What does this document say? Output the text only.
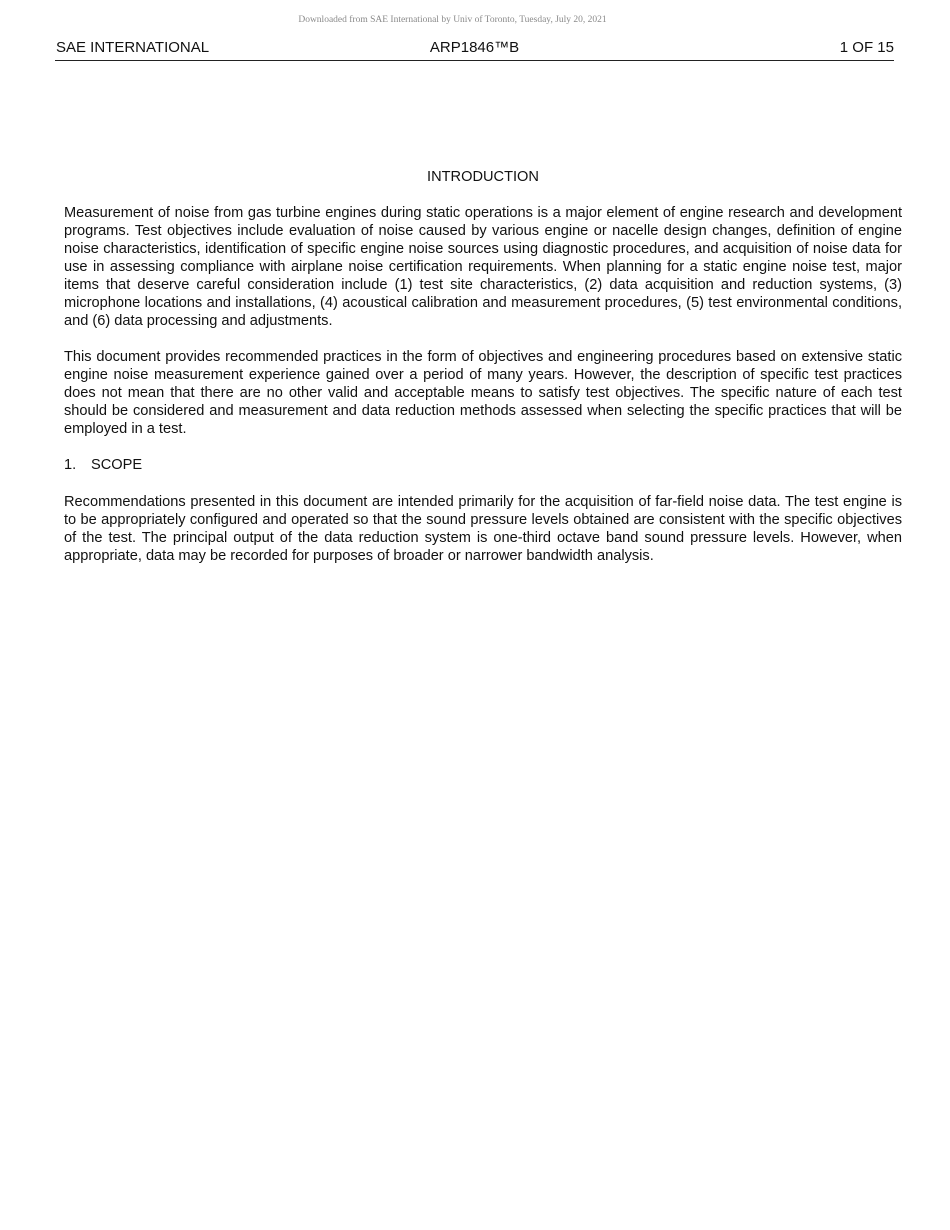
Downloaded from SAE International by Univ of Toronto, Tuesday, July 20, 2021
SAE INTERNATIONAL	ARP1846™B	1 OF 15
INTRODUCTION

Measurement of noise from gas turbine engines during static operations is a major element of engine research and development programs. Test objectives include evaluation of noise caused by various engine or nacelle design changes, definition of engine noise characteristics, identification of specific engine noise sources using diagnostic procedures, and acquisition of noise data for use in assessing compliance with airplane noise certification requirements. When planning for a static engine noise test, major items that deserve careful consideration include (1) test site characteristics, (2) data acquisition and reduction systems, (3) microphone locations and installations, (4) acoustical calibration and measurement procedures, (5) test environmental conditions, and (6) data processing and adjustments.

This document provides recommended practices in the form of objectives and engineering procedures based on extensive static engine noise measurement experience gained over a period of many years. However, the description of specific test practices does not mean that there are no other valid and acceptable means to satisfy test objectives. The specific nature of each test should be considered and measurement and data reduction methods assessed when selecting the specific practices that will be employed in a test.

1. SCOPE

Recommendations presented in this document are intended primarily for the acquisition of far-field noise data. The test engine is to be appropriately configured and operated so that the sound pressure levels obtained are consistent with the specific objectives of the test. The principal output of the data reduction system is one-third octave band sound pressure levels. However, when appropriate, data may be recorded for purposes of broader or narrower bandwidth analysis.
